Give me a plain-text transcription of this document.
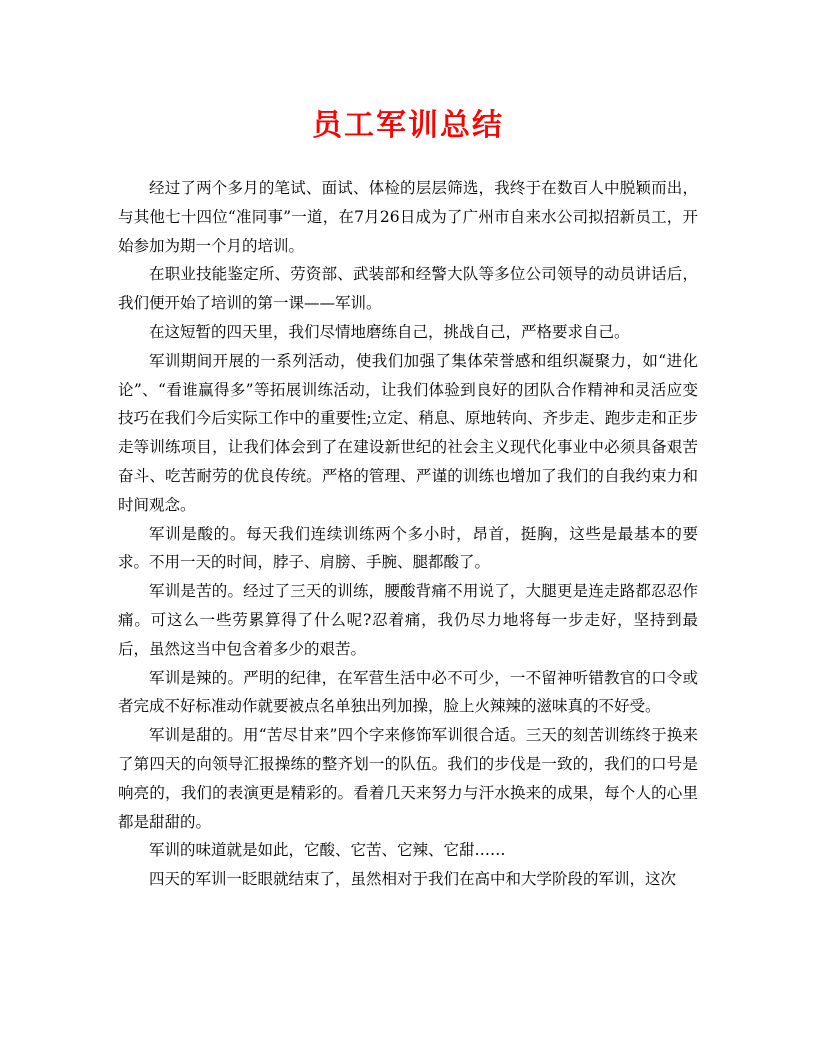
员工军训总结

经过了两个多月的笔试、面试、体检的层层筛选，我终于在数百人中脱颖而出，与其他七十四位“准同事”一道，在7月26日成为了广州市自来水公司拟招新员工，开始参加为期一个月的培训。

在职业技能鉴定所、劳资部、武装部和经警大队等多位公司领导的动员讲话后，我们便开始了培训的第一课——军训。

在这短暂的四天里，我们尽情地磨练自己，挑战自己，严格要求自己。

军训期间开展的一系列活动，使我们加强了集体荣誉感和组织凝聚力，如“进化论”、“看谁赢得多”等拓展训练活动，让我们体验到良好的团队合作精神和灵活应变技巧在我们今后实际工作中的重要性;立定、稍息、原地转向、齐步走、跑步走和正步走等训练项目，让我们体会到了在建设新世纪的社会主义现代化事业中必须具备艰苦奋斗、吃苦耐劳的优良传统。严格的管理、严谨的训练也增加了我们的自我约束力和时间观念。

军训是酸的。每天我们连续训练两个多小时，昂首，挺胸，这些是最基本的要求。不用一天的时间，脖子、肩膀、手腕、腿都酸了。

军训是苦的。经过了三天的训练，腰酸背痛不用说了，大腿更是连走路都忍忍作痛。可这么一些劳累算得了什么呢?忍着痛，我仍尽力地将每一步走好，坚持到最后，虽然这当中包含着多少的艰苦。

军训是辣的。严明的纪律，在军营生活中必不可少，一不留神听错教官的口令或者完成不好标准动作就要被点名单独出列加操，脸上火辣辣的滋味真的不好受。

军训是甜的。用“苦尽甘来”四个字来修饰军训很合适。三天的刻苦训练终于换来了第四天的向领导汇报操练的整齐划一的队伍。我们的步伐是一致的，我们的口号是响亮的，我们的表演更是精彩的。看着几天来努力与汗水换来的成果，每个人的心里都是甜甜的。

军训的味道就是如此，它酸、它苦、它辣、它甜……

四天的军训一眨眼就结束了，虽然相对于我们在高中和大学阶段的军训，这次
